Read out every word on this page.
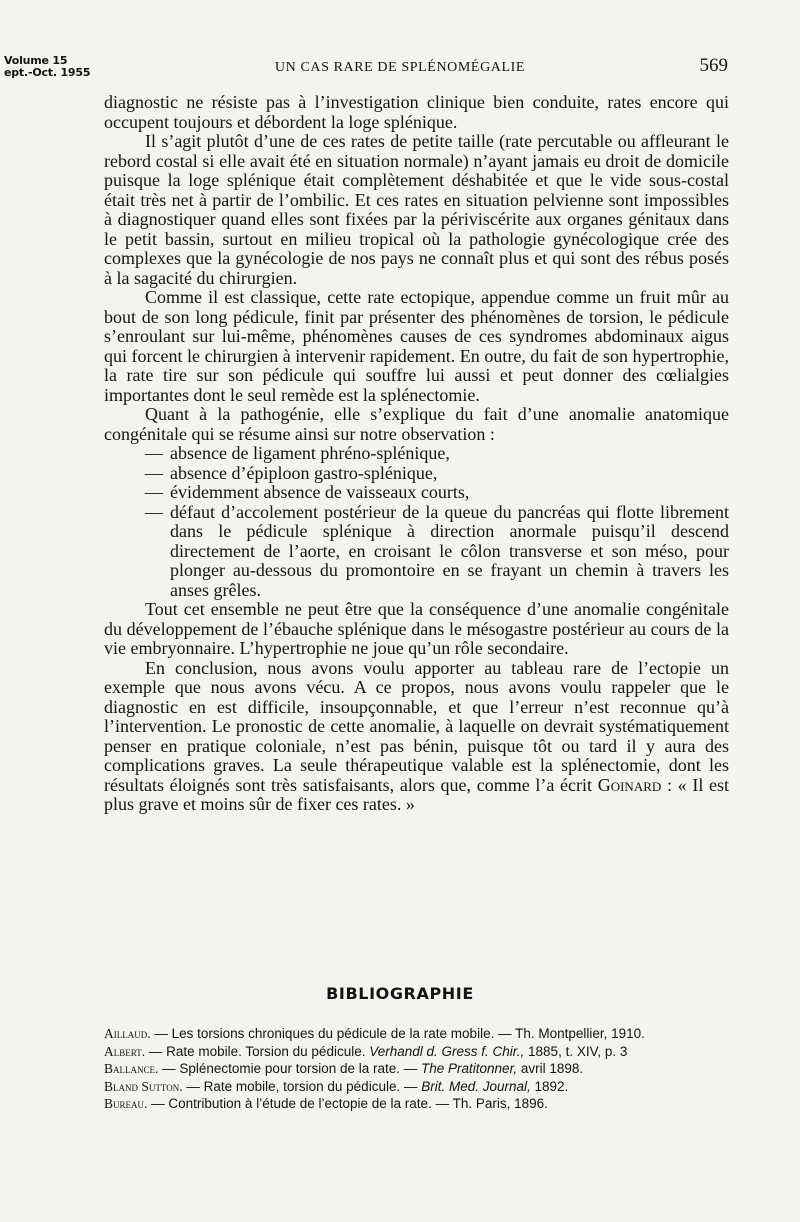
Volume 15
ept.-Oct. 1955	UN CAS RARE DE SPLÉNOMÉGALIE	569

diagnostic ne résiste pas à l’investigation clinique bien conduite, rates encore qui occupent toujours et débordent la loge splénique.

Il s’agit plutôt d’une de ces rates de petite taille (rate percutable ou affleurant le rebord costal si elle avait été en situation normale) n’ayant jamais eu droit de domicile puisque la loge splénique était complètement déshabitée et que le vide sous-costal était très net à partir de l’ombilic. Et ces rates en situation pelvienne sont impossibles à diagnostiquer quand elles sont fixées par la périviscérite aux organes génitaux dans le petit bassin, surtout en milieu tropical où la pathologie gynécologique crée des complexes que la gynécologie de nos pays ne connaît plus et qui sont des rébus posés à la sagacité du chirurgien.

Comme il est classique, cette rate ectopique, appendue comme un fruit mûr au bout de son long pédicule, finit par présenter des phénomènes de torsion, le pédicule s’enroulant sur lui-même, phénomènes causes de ces syndromes abdominaux aigus qui forcent le chirurgien à intervenir rapidement. En outre, du fait de son hypertrophie, la rate tire sur son pédicule qui souffre lui aussi et peut donner des cœlialgies importantes dont le seul remède est la splénectomie.

Quant à la pathogénie, elle s’explique du fait d’une anomalie anatomique congénitale qui se résume ainsi sur notre observation :

— absence de ligament phréno-splénique,
— absence d’épiploon gastro-splénique,
— évidemment absence de vaisseaux courts,
— défaut d’accolement postérieur de la queue du pancréas qui flotte librement dans le pédicule splénique à direction anormale puisqu’il descend directement de l’aorte, en croisant le côlon transverse et son méso, pour plonger au-dessous du promontoire en se frayant un chemin à travers les anses grêles.

Tout cet ensemble ne peut être que la conséquence d’une anomalie congénitale du développement de l’ébauche splénique dans le mésogastre postérieur au cours de la vie embryonnaire. L’hypertrophie ne joue qu’un rôle secondaire.

En conclusion, nous avons voulu apporter au tableau rare de l’ectopie un exemple que nous avons vécu. A ce propos, nous avons voulu rappeler que le diagnostic en est difficile, insoupçonnable, et que l’erreur n’est reconnue qu’à l’intervention. Le pronostic de cette anomalie, à laquelle on devrait systématiquement penser en pratique coloniale, n’est pas bénin, puisque tôt ou tard il y aura des complications graves. La seule thérapeutique valable est la splénectomie, dont les résultats éloignés sont très satisfaisants, alors que, comme l’a écrit Goinard : « Il est plus grave et moins sûr de fixer ces rates. »

BIBLIOGRAPHIE

Aillaud. — Les torsions chroniques du pédicule de la rate mobile. — Th. Montpellier, 1910.

Albert. — Rate mobile. Torsion du pédicule. Verhandl d. Gress f. Chir., 1885, t. XIV, p. 3

Ballance. — Splénectomie pour torsion de la rate. — The Pratitonner, avril 1898.

Bland Sutton. — Rate mobile, torsion du pédicule. — Brit. Med. Journal, 1892.

Bureau. — Contribution à l’étude de l’ectopie de la rate. — Th. Paris, 1896.
